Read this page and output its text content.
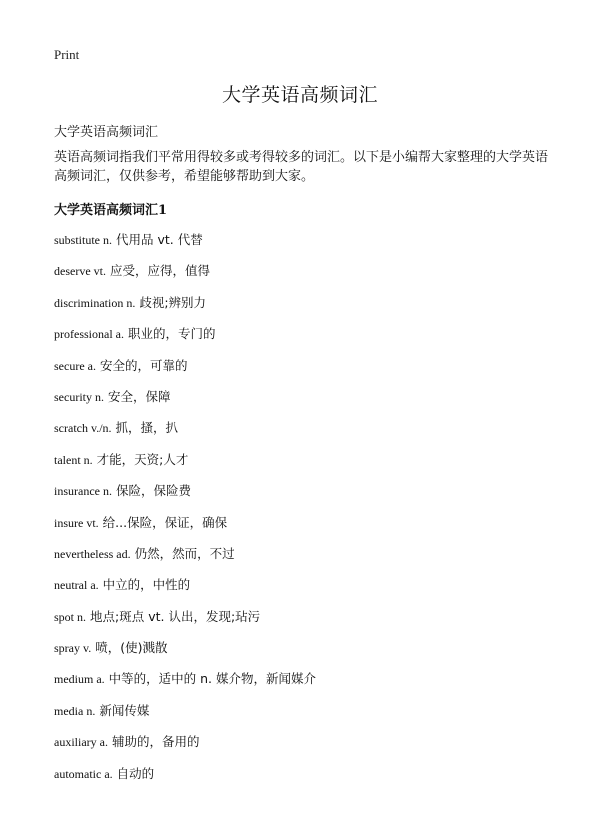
Print
大学英语高频词汇
大学英语高频词汇

英语高频词指我们平常用得较多或考得较多的词汇。以下是小编帮大家整理的大学英语高频词汇，仅供参考，希望能够帮助到大家。

大学英语高频词汇1
substitute n. 代用品 vt. 代替
deserve vt. 应受，应得，值得
discrimination n. 歧视;辨别力
professional a. 职业的，专门的
secure a. 安全的，可靠的
security n. 安全，保障
scratch v./n. 抓，搔，扒
talent n. 才能，天资;人才
insurance n. 保险，保险费
insure vt. 给...保险，保证，确保
nevertheless ad. 仍然，然而，不过
neutral a. 中立的，中性的
spot n. 地点;斑点 vt. 认出，发现;玷污
spray v. 喷，(使)溅散
medium a. 中等的，适中的 n. 媒介物，新闻媒介
media n. 新闻传媒
auxiliary a. 辅助的，备用的
automatic a. 自动的
